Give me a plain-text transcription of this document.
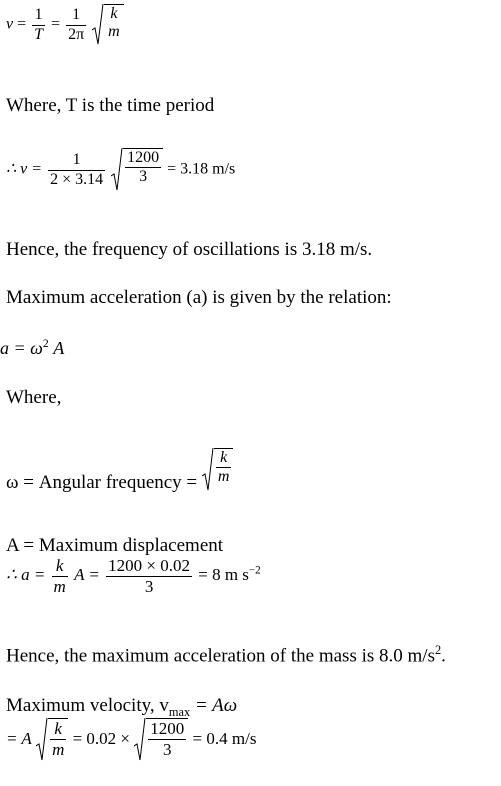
$v = \frac{1}{T} = \frac{1}{2\pi}$
k
m
Where, T is the time period
∴ $v = \frac{1}{2 \times 3.14}$
$\frac{1200}{3} = 3.18$ m/s
Hence, the frequency of oscillations is 3.18 m/s.
Maximum acceleration (a) is given by the relation:
$a = \omega^2$ A
Where,
ω = Angular frequency = $\frac{k}{m}$
A = Maximum displacement
∴ $a = \frac{k}{m}$ $A = \frac{1200 \times 0.02}{3} = 8$ m $s^{-2}$
Hence, the maximum acceleration of the mass is 8.0 $m/s^2$.
Maximum velocity, $v_{max} = A\omega$
= A $\frac{k}{m} = 0.02 \times \frac{1200}{3} = 0.4$ m/s
